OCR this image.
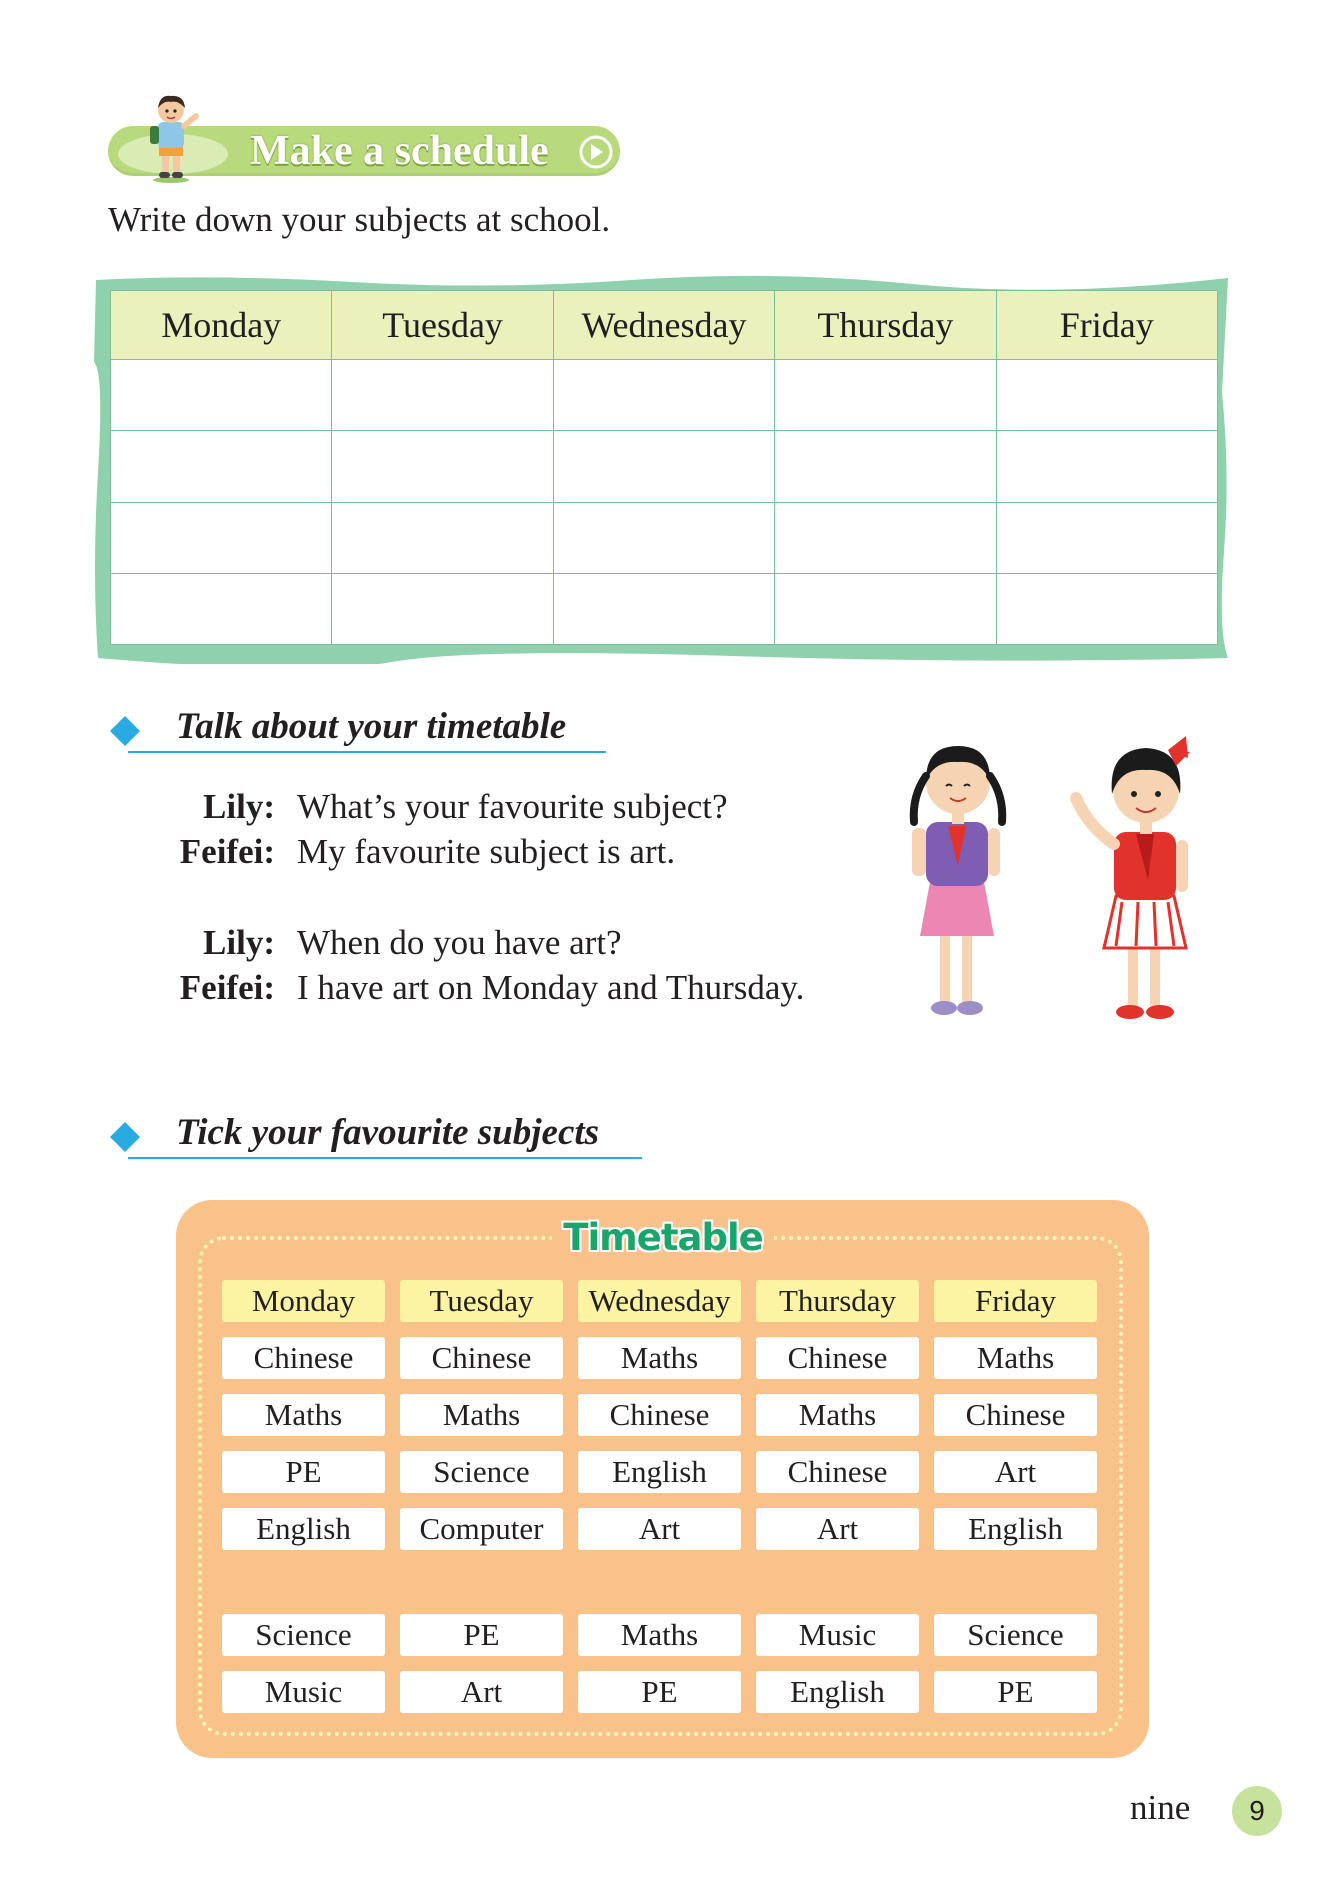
Make a schedule
Write down your subjects at school.
Monday	Tuesday	Wednesday	Thursday	Friday

Talk about your timetable
Lily: What’s your favourite subject?
Feifei: My favourite subject is art.
Lily: When do you have art?
Feifei: I have art on Monday and Thursday.
Tick your favourite subjects
Timetable
Monday	Tuesday	Wednesday	Thursday	Friday
Chinese	Chinese	Maths	Chinese	Maths
Maths	Maths	Chinese	Maths	Chinese
PE	Science	English	Chinese	Art
English	Computer	Art	Art	English
Science	PE	Maths	Music	Science
Music	Art	PE	English	PE
nine	9
